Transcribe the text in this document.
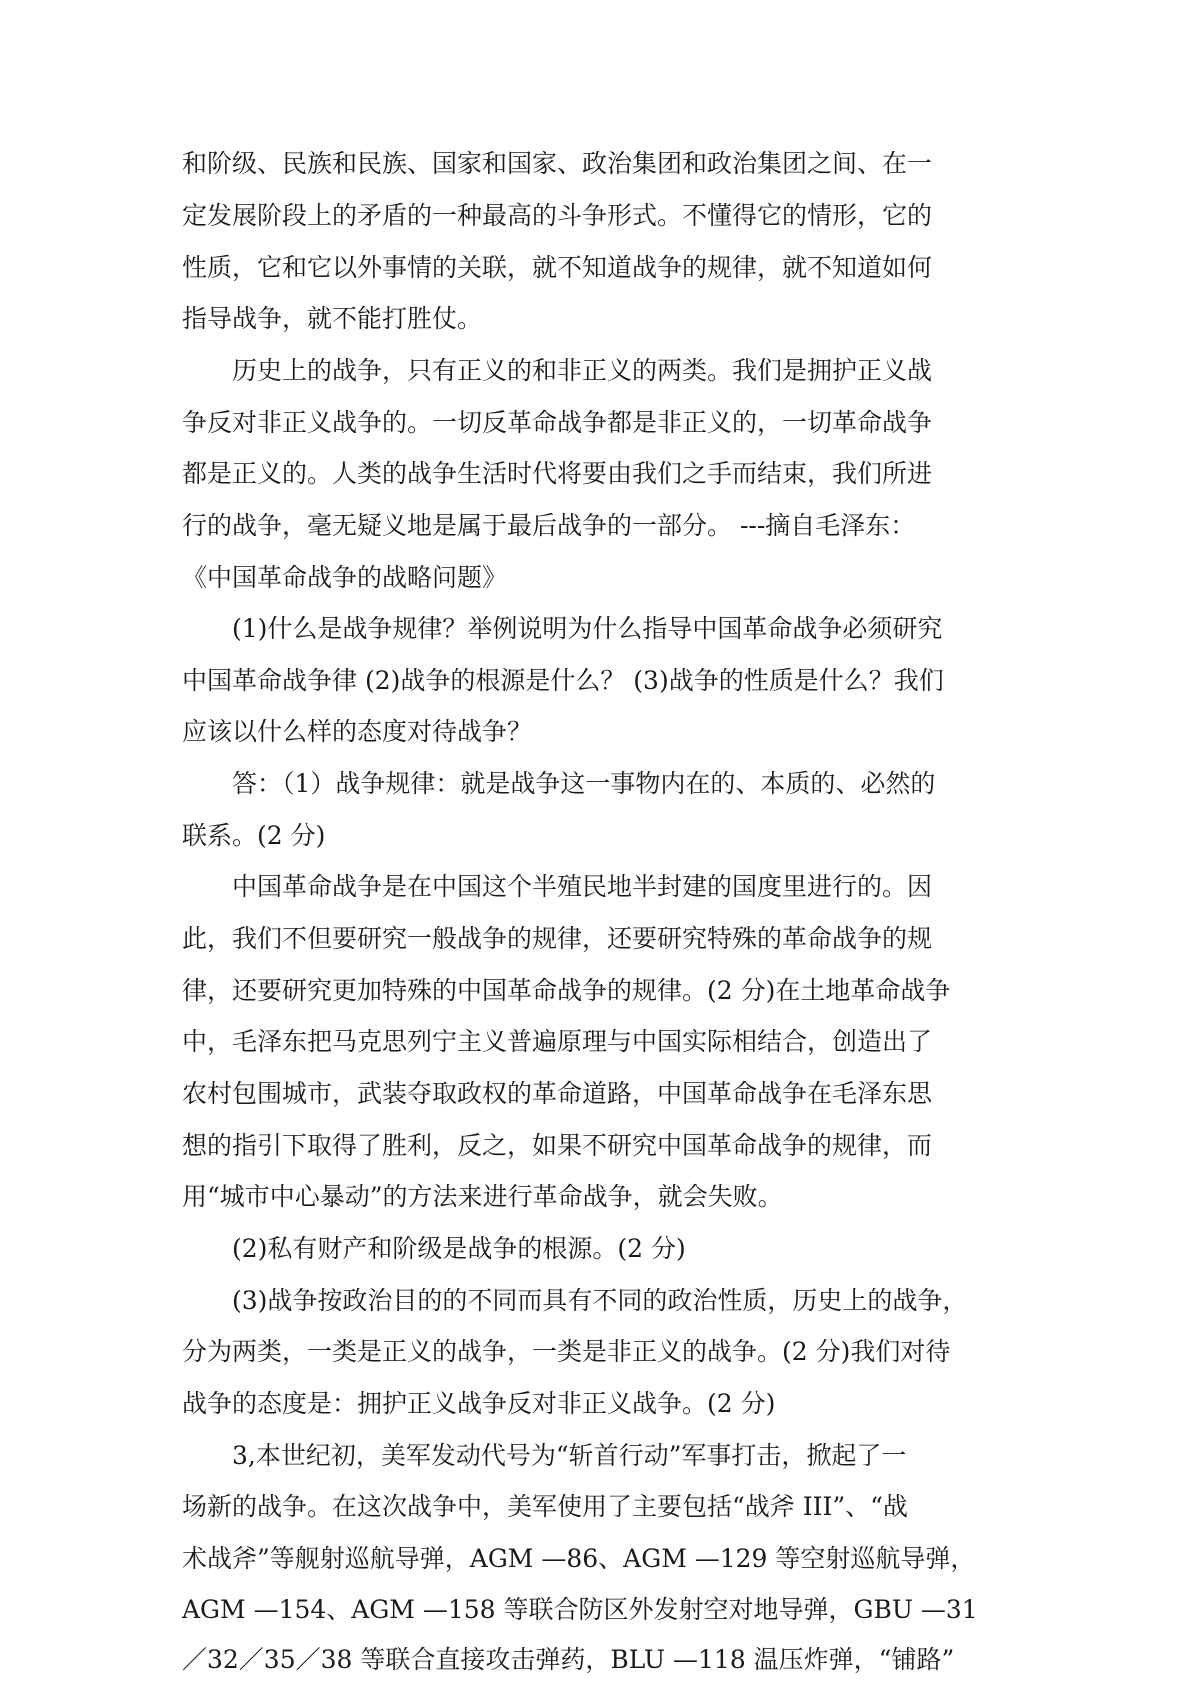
和阶级、民族和民族、国家和国家、政治集团和政治集团之间、在一

定发展阶段上的矛盾的一种最高的斗争形式。不懂得它的情形，它的

性质，它和它以外事情的关联，就不知道战争的规律，就不知道如何

指导战争，就不能打胜仗。

历史上的战争，只有正义的和非正义的两类。我们是拥护正义战

争反对非正义战争的。一切反革命战争都是非正义的，一切革命战争

都是正义的。人类的战争生活时代将要由我们之手而结束，我们所进

行的战争，毫无疑义地是属于最后战争的一部分。 ---摘自毛泽东：

《中国革命战争的战略问题》

(1)什么是战争规律？举例说明为什么指导中国革命战争必须研究

中国革命战争律 (2)战争的根源是什么？ (3)战争的性质是什么？我们

应该以什么样的态度对待战争？

答：（1）战争规律：就是战争这一事物内在的、本质的、必然的

联系。(2 分)

中国革命战争是在中国这个半殖民地半封建的国度里进行的。因

此，我们不但要研究一般战争的规律，还要研究特殊的革命战争的规

律，还要研究更加特殊的中国革命战争的规律。(2 分)在土地革命战争

中，毛泽东把马克思列宁主义普遍原理与中国实际相结合，创造出了

农村包围城市，武装夺取政权的革命道路，中国革命战争在毛泽东思

想的指引下取得了胜利，反之，如果不研究中国革命战争的规律，而

用“城市中心暴动”的方法来进行革命战争，就会失败。

(2)私有财产和阶级是战争的根源。(2 分)

(3)战争按政治目的的不同而具有不同的政治性质，历史上的战争，

分为两类，一类是正义的战争，一类是非正义的战争。(2 分)我们对待

战争的态度是：拥护正义战争反对非正义战争。(2 分)

3,本世纪初，美军发动代号为“斩首行动”军事打击，掀起了一

场新的战争。在这次战争中，美军使用了主要包括“战斧 III”、“战

术战斧”等舰射巡航导弹，AGM —86、AGM —129 等空射巡航导弹，

AGM —154、AGM —158 等联合防区外发射空对地导弹，GBU —31

／32／35／38 等联合直接攻击弹药，BLU —118 温压炸弹，“铺路”
